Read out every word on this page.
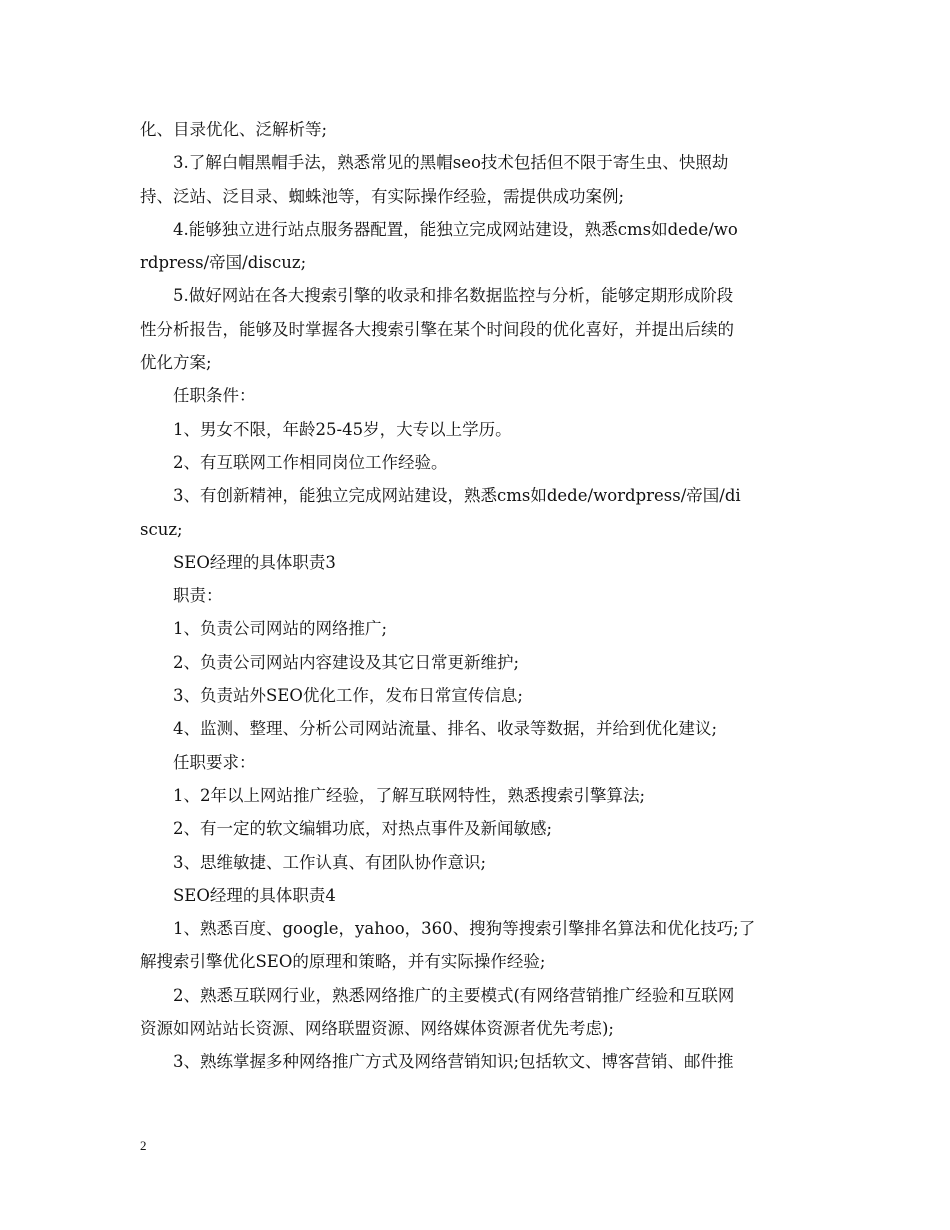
化、目录优化、泛解析等;
3.了解白帽黑帽手法，熟悉常见的黑帽seo技术包括但不限于寄生虫、快照劫
持、泛站、泛目录、蜘蛛池等，有实际操作经验，需提供成功案例;
4.能够独立进行站点服务器配置，能独立完成网站建设，熟悉cms如dede/wo
rdpress/帝国/discuz;
5.做好网站在各大搜索引擎的收录和排名数据监控与分析，能够定期形成阶段
性分析报告，能够及时掌握各大搜索引擎在某个时间段的优化喜好，并提出后续的
优化方案;
任职条件：
1、男女不限，年龄25-45岁，大专以上学历。
2、有互联网工作相同岗位工作经验。
3、有创新精神，能独立完成网站建设，熟悉cms如dede/wordpress/帝国/di
scuz;
SEO经理的具体职责3
职责：
1、负责公司网站的网络推广;
2、负责公司网站内容建设及其它日常更新维护;
3、负责站外SEO优化工作，发布日常宣传信息;
4、监测、整理、分析公司网站流量、排名、收录等数据，并给到优化建议;
任职要求：
1、2年以上网站推广经验，了解互联网特性，熟悉搜索引擎算法;
2、有一定的软文编辑功底，对热点事件及新闻敏感;
3、思维敏捷、工作认真、有团队协作意识;
SEO经理的具体职责4
1、熟悉百度、google，yahoo，360、搜狗等搜索引擎排名算法和优化技巧;了
解搜索引擎优化SEO的原理和策略，并有实际操作经验;
2、熟悉互联网行业，熟悉网络推广的主要模式(有网络营销推广经验和互联网
资源如网站站长资源、网络联盟资源、网络媒体资源者优先考虑);
3、熟练掌握多种网络推广方式及网络营销知识;包括软文、博客营销、邮件推
2
